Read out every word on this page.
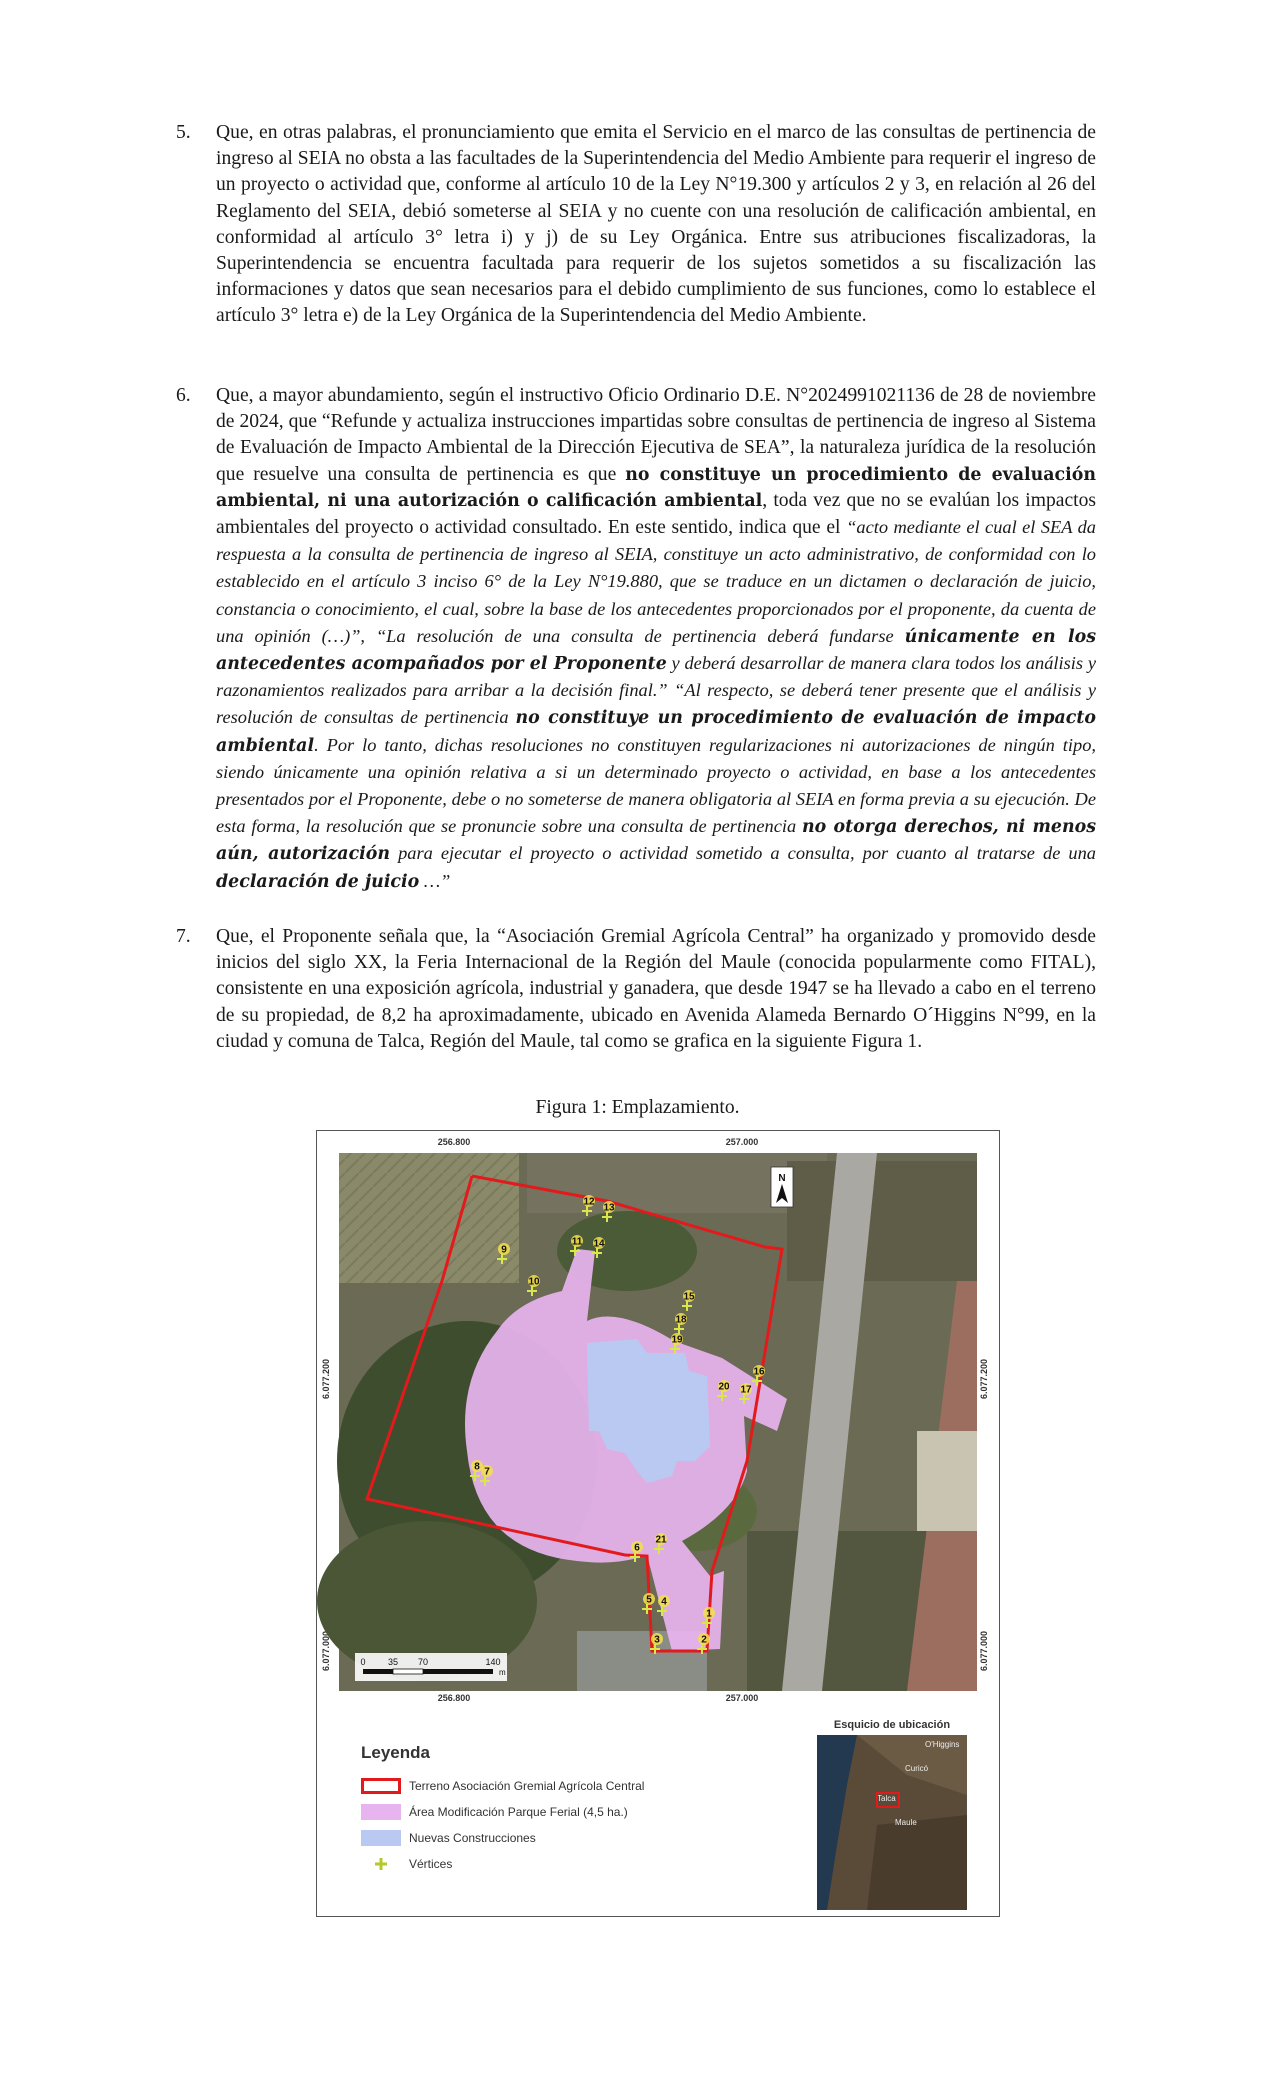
5.	Que, en otras palabras, el pronunciamiento que emita el Servicio en el marco de las consultas de pertinencia de ingreso al SEIA no obsta a las facultades de la Superintendencia del Medio Ambiente para requerir el ingreso de un proyecto o actividad que, conforme al artículo 10 de la Ley N°19.300 y artículos 2 y 3, en relación al 26 del Reglamento del SEIA, debió someterse al SEIA y no cuente con una resolución de calificación ambiental, en conformidad al artículo 3° letra i) y j) de su Ley Orgánica. Entre sus atribuciones fiscalizadoras, la Superintendencia se encuentra facultada para requerir de los sujetos sometidos a su fiscalización las informaciones y datos que sean necesarios para el debido cumplimiento de sus funciones, como lo establece el artículo 3° letra e) de la Ley Orgánica de la Superintendencia del Medio Ambiente.
6.	Que, a mayor abundamiento, según el instructivo Oficio Ordinario D.E. N°2024991021136 de 28 de noviembre de 2024, que “Refunde y actualiza instrucciones impartidas sobre consultas de pertinencia de ingreso al Sistema de Evaluación de Impacto Ambiental de la Dirección Ejecutiva de SEA”, la naturaleza jurídica de la resolución que resuelve una consulta de pertinencia es que no constituye un procedimiento de evaluación ambiental, ni una autorización o calificación ambiental, toda vez que no se evalúan los impactos ambientales del proyecto o actividad consultado. En este sentido, indica que el “acto mediante el cual el SEA da respuesta a la consulta de pertinencia de ingreso al SEIA, constituye un acto administrativo, de conformidad con lo establecido en el artículo 3 inciso 6° de la Ley N°19.880, que se traduce en un dictamen o declaración de juicio, constancia o conocimiento, el cual, sobre la base de los antecedentes proporcionados por el proponente, da cuenta de una opinión (…)”, “La resolución de una consulta de pertinencia deberá fundarse únicamente en los antecedentes acompañados por el Proponente y deberá desarrollar de manera clara todos los análisis y razonamientos realizados para arribar a la decisión final.” “Al respecto, se deberá tener presente que el análisis y resolución de consultas de pertinencia no constituye un procedimiento de evaluación de impacto ambiental. Por lo tanto, dichas resoluciones no constituyen regularizaciones ni autorizaciones de ningún tipo, siendo únicamente una opinión relativa a si un determinado proyecto o actividad, en base a los antecedentes presentados por el Proponente, debe o no someterse de manera obligatoria al SEIA en forma previa a su ejecución. De esta forma, la resolución que se pronuncie sobre una consulta de pertinencia no otorga derechos, ni menos aún, autorización para ejecutar el proyecto o actividad sometido a consulta, por cuanto al tratarse de una declaración de juicio …”
7.	Que, el Proponente señala que, la “Asociación Gremial Agrícola Central” ha organizado y promovido desde inicios del siglo XX, la Feria Internacional de la Región del Maule (conocida popularmente como FITAL), consistente en una exposición agrícola, industrial y ganadera, que desde 1947 se ha llevado a cabo en el terreno de su propiedad, de 8,2 ha aproximadamente, ubicado en Avenida Alameda Bernardo O´Higgins N°99, en la ciudad y comuna de Talca, Región del Maule, tal como se grafica en la siguiente Figura 1.
Figura 1: Emplazamiento.
256.800	257.000
256.800	257.000
6.077.200
6.077.000
6.077.200
6.077.000
N
0 35 70	140
m
1
2
3
4
5
6
7
8
9
10
11
12
13
14
15
16
17
18
19
20
21
Leyenda
Terreno Asociación Gremial Agrícola Central
Área Modificación Parque Ferial (4,5 ha.)
Nuevas Construcciones
Vértices
Esquicio de ubicación
O'Higgins
Curicó
Talca
Maule
